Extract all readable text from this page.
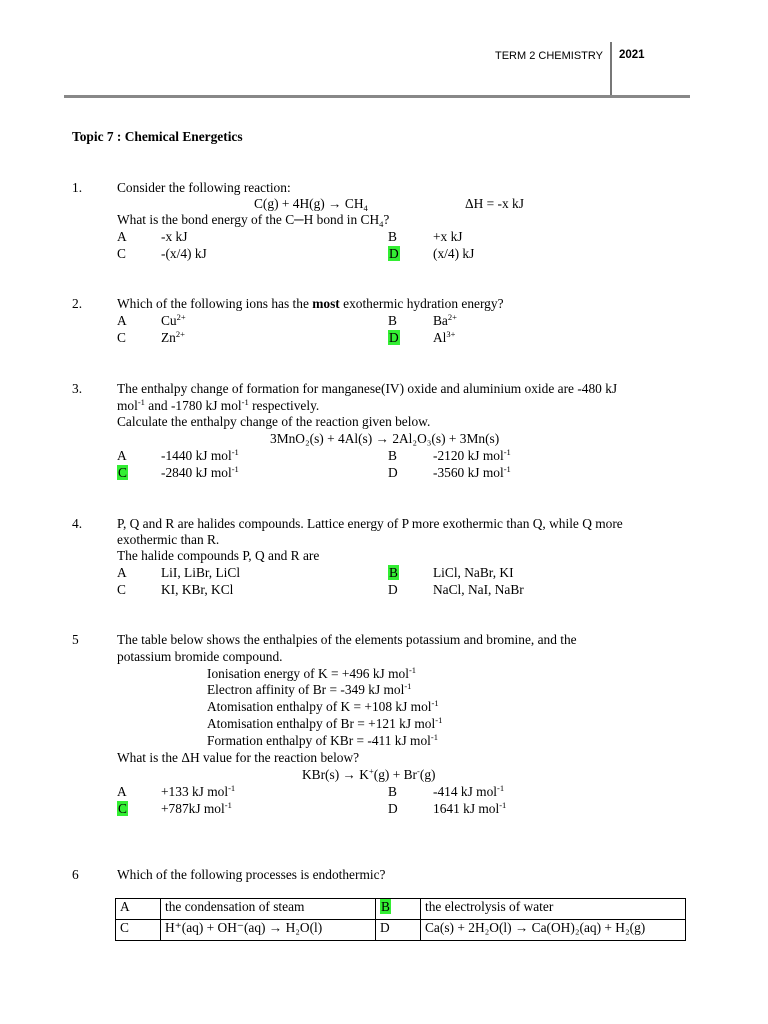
TERM 2 CHEMISTRY 2021
Topic 7 : Chemical Energetics
1.	Consider the following reaction:
$C(g) + 4H(g) \to CH_4$	ΔH = -x kJ
What is the bond energy of the C─H bond in $CH_4$?
A	-x kJ	B	+x kJ
C	-(x/4) kJ	D	(x/4) kJ
2.	Which of the following ions has the most exothermic hydration energy?
A	$Cu^{2+}$	B	$Ba^{2+}$
C	$Zn^{2+}$	D	$Al^{3+}$
3.	The enthalpy change of formation for manganese(IV) oxide and aluminium oxide are -480 kJ
mol$^{-1}$ and -1780 kJ mol$^{-1}$ respectively.
Calculate the enthalpy change of the reaction given below.
3MnO₂(s) + 4Al(s) → 2Al₂O₃(s) + 3Mn(s)
A	-1440 kJ mol$^{-1}$	B	-2120 kJ mol$^{-1}$
C	-2840 kJ mol$^{-1}$	D	-3560 kJ mol$^{-1}$
4.	P, Q and R are halides compounds. Lattice energy of P more exothermic than Q, while Q more
exothermic than R.
The halide compounds P, Q and R are
A	LiI, LiBr, LiCl	B	LiCl, NaBr, KI
C	KI, KBr, KCl	D	NaCl, NaI, NaBr
5	The table below shows the enthalpies of the elements potassium and bromine, and the
potassium bromide compound.
Ionisation energy of K = +496 kJ mol$^{-1}$
Electron affinity of Br = -349 kJ mol$^{-1}$
Atomisation enthalpy of K = +108 kJ mol$^{-1}$
Atomisation enthalpy of Br = +121 kJ mol$^{-1}$
Formation enthalpy of KBr = -411 kJ mol$^{-1}$
What is the ΔH value for the reaction below?
KBr(s) → K+(g) + Br-(g)
A	+133 kJ mol$^{-1}$	B	-414 kJ mol$^{-1}$
C	+787kJ mol$^{-1}$	D	1641 kJ mol$^{-1}$
6	Which of the following processes is endothermic?
A	the condensation of steam	B	the electrolysis of water
C	H⁺(aq) + OH⁻(aq) → H₂O(l)	D	Ca(s) + 2H₂O(l) → Ca(OH)₂(aq) + H₂(g)
